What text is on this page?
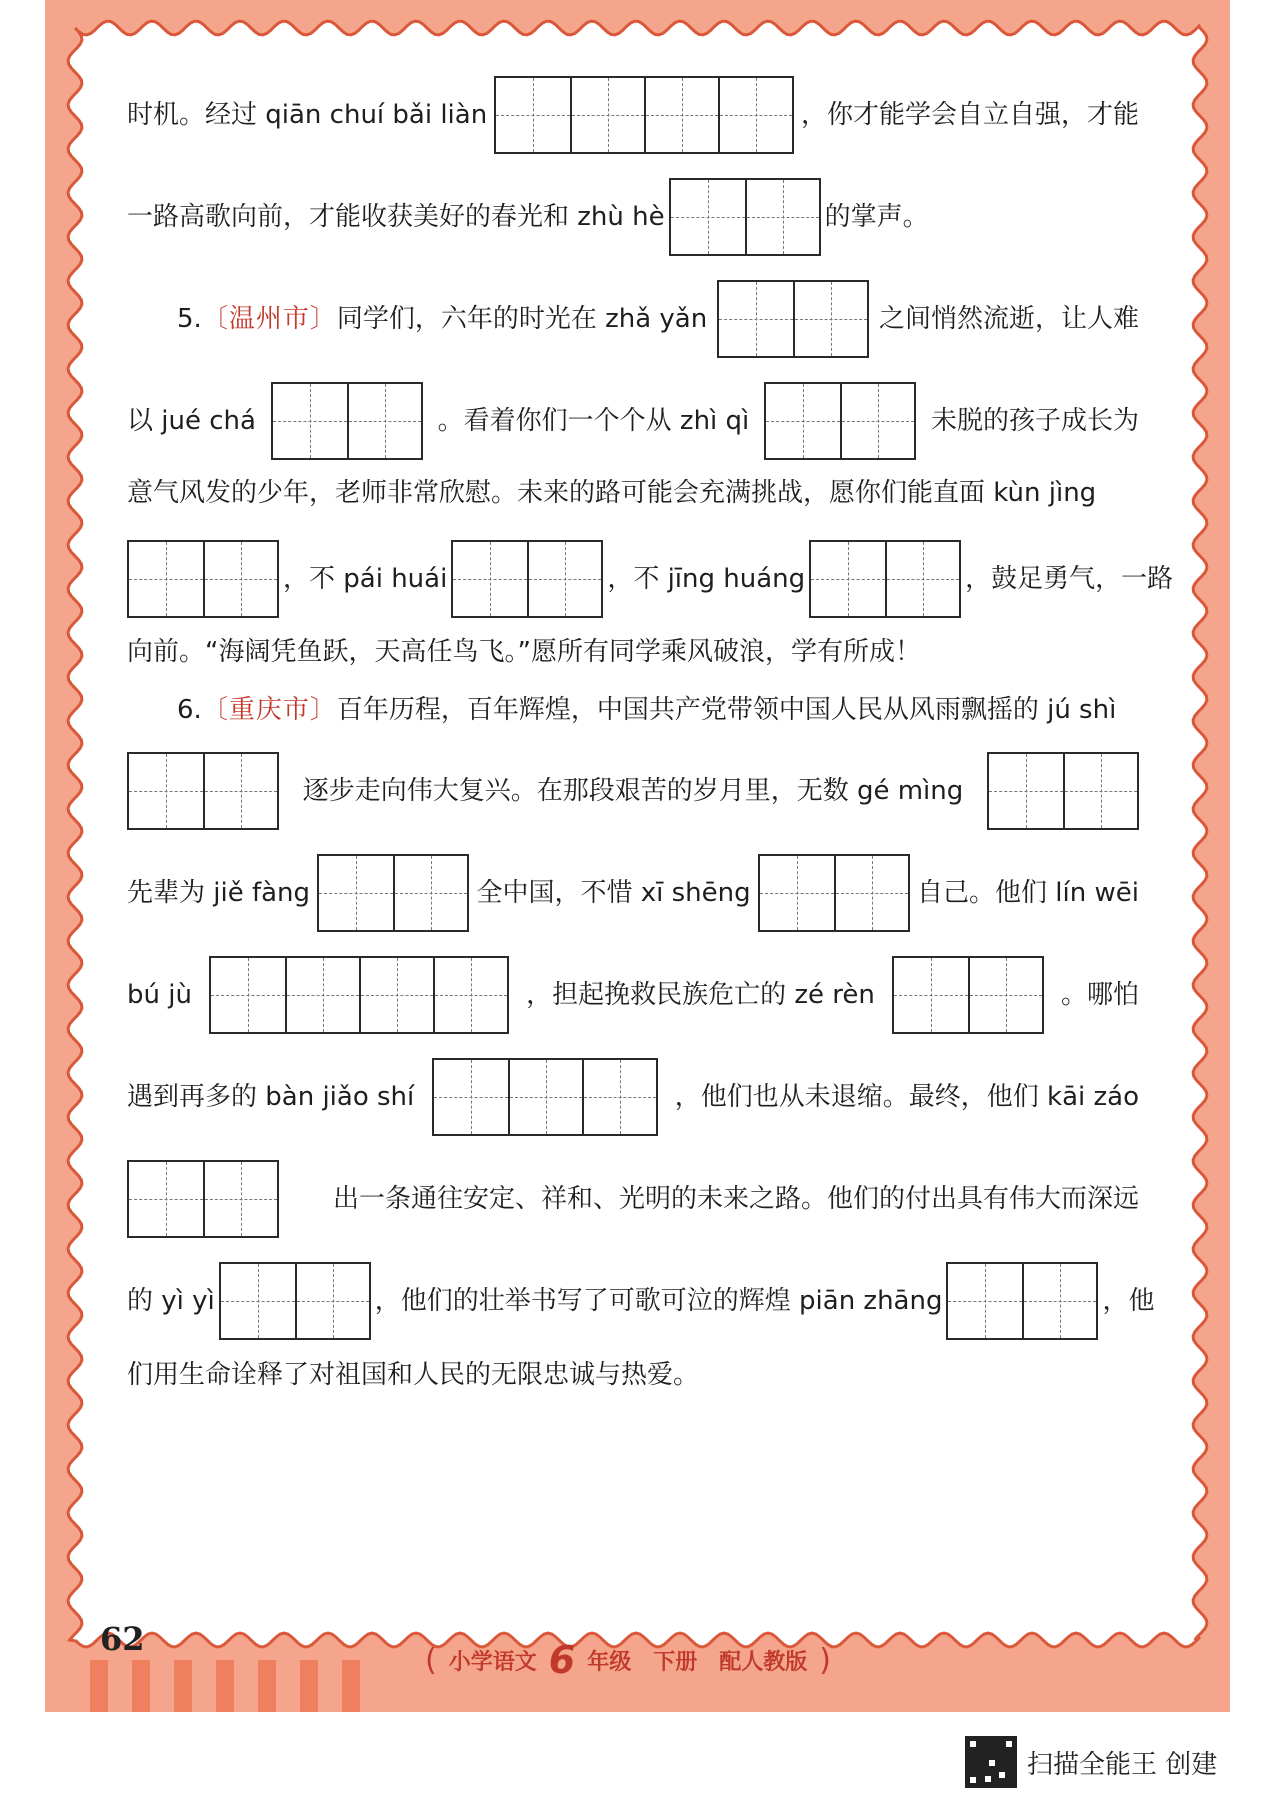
时机。经过 qiān chuí bǎi liàn	，你才能学会自立自强，才能
一路高歌向前，才能收获美好的春光和 zhù hè	的掌声。
5.〔温州市〕同学们，六年的时光在 zhǎ yǎn	之间悄然流逝，让人难
以 jué chá	。看着你们一个个从 zhì qì	未脱的孩子成长为
意气风发的少年，老师非常欣慰。未来的路可能会充满挑战，愿你们能直面 kùn jìng
，不 pái huái	，不 jīng huáng	，鼓足勇气，一路
向前。“海阔凭鱼跃，天高任鸟飞。”愿所有同学乘风破浪，学有所成！
6.〔重庆市〕百年历程，百年辉煌，中国共产党带领中国人民从风雨飘摇的 jú shì
逐步走向伟大复兴。在那段艰苦的岁月里，无数 gé mìng
先辈为 jiě fàng	全中国，不惜 xī shēng	自己。他们 lín wēi
bú jù	，担起挽救民族危亡的 zé rèn	。哪怕
遇到再多的 bàn jiǎo shí	，他们也从未退缩。最终，他们 kāi záo
出一条通往安定、祥和、光明的未来之路。他们的付出具有伟大而深远
的 yì yì	，他们的壮举书写了可歌可泣的辉煌 piān zhāng	，他
们用生命诠释了对祖国和人民的无限忠诚与热爱。
62
( 小学语文 6 年级 下册 配人教版 )
扫描全能王 创建
